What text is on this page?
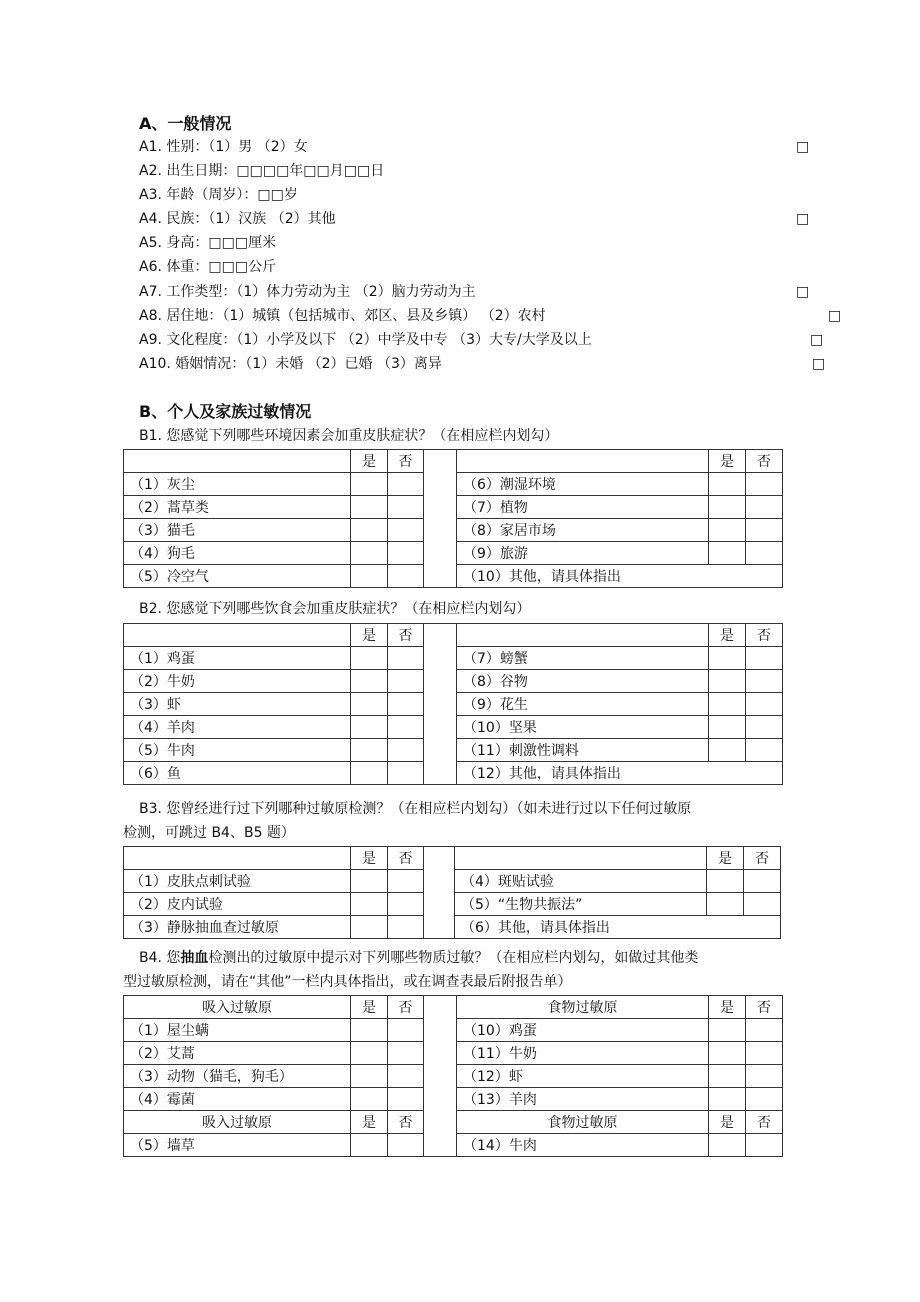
A、一般情况
A1. 性别：（1）男 （2）女	□
A2. 出生日期：□□□□年□□月□□日
A3. 年龄（周岁）：□□岁
A4. 民族：（1）汉族 （2）其他	□
A5. 身高：□□□厘米
A6. 体重：□□□公斤
A7. 工作类型：（1）体力劳动为主 （2）脑力劳动为主	□
A8. 居住地：（1）城镇（包括城市、郊区、县及乡镇） （2）农村	□
A9. 文化程度：（1）小学及以下 （2）中学及中专 （3）大专/大学及以上	□
A10. 婚姻情况：（1）未婚 （2）已婚 （3）离异	□
B、个人及家族过敏情况
B1. 您感觉下列哪些环境因素会加重皮肤症状？（在相应栏内划勾）
	是	否			是	否
（1）灰尘				（6）潮湿环境		
（2）蒿草类				（7）植物		
（3）猫毛				（8）家居市场		
（4）狗毛				（9）旅游		
（5）冷空气				（10）其他，请具体指出		
B2. 您感觉下列哪些饮食会加重皮肤症状？（在相应栏内划勾）
	是	否			是	否
（1）鸡蛋				（7）螃蟹		
（2）牛奶				（8）谷物		
（3）虾				（9）花生		
（4）羊肉				（10）坚果		
（5）牛肉				（11）刺激性调料		
（6）鱼				（12）其他，请具体指出		
B3. 您曾经进行过下列哪种过敏原检测？（在相应栏内划勾）（如未进行过以下任何过敏原
检测，可跳过 B4、B5 题）
	是	否			是	否
（1）皮肤点刺试验				（4）斑贴试验		
（2）皮内试验				（5）“生物共振法”		
（3）静脉抽血查过敏原				（6）其他，请具体指出		
B4. 您抽血检测出的过敏原中提示对下列哪些物质过敏？（在相应栏内划勾，如做过其他类
型过敏原检测，请在“其他”一栏内具体指出，或在调查表最后附报告单）
吸入过敏原	是	否		食物过敏原	是	否
（1）屋尘螨				（10）鸡蛋		
（2）艾蒿				（11）牛奶		
（3）动物（猫毛，狗毛）				（12）虾		
（4）霉菌				（13）羊肉		
吸入过敏原	是	否		食物过敏原	是	否
（5）墙草				（14）牛肉		
